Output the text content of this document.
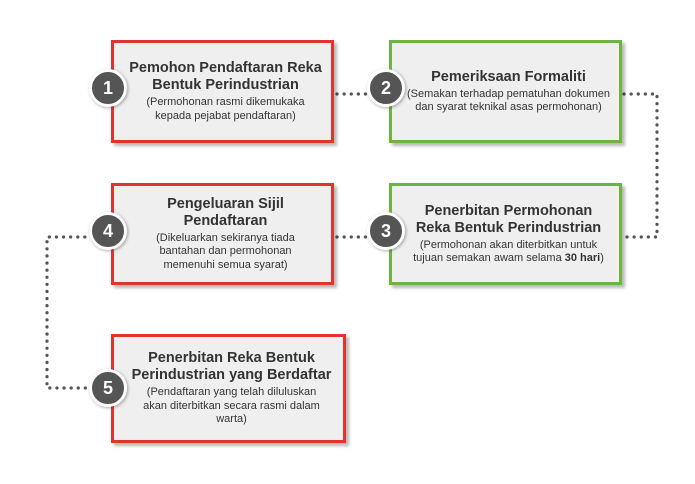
Pemohon Pendaftaran Reka Bentuk Perindustrian
(Permohonan rasmi dikemukaka kepada pejabat pendaftaran)
1
Pemeriksaan Formaliti
(Semakan terhadap pematuhan dokumen dan syarat teknikal asas permohonan)
2
Penerbitan Permohonan Reka Bentuk Perindustrian
(Permohonan akan diterbitkan untuk tujuan semakan awam selama 30 hari)
3
Pengeluaran Sijil Pendaftaran
(Dikeluarkan sekiranya tiada bantahan dan permohonan memenuhi semua syarat)
4
Penerbitan Reka Bentuk Perindustrian yang Berdaftar
(Pendaftaran yang telah diluluskan akan diterbitkan secara rasmi dalam warta)
5
